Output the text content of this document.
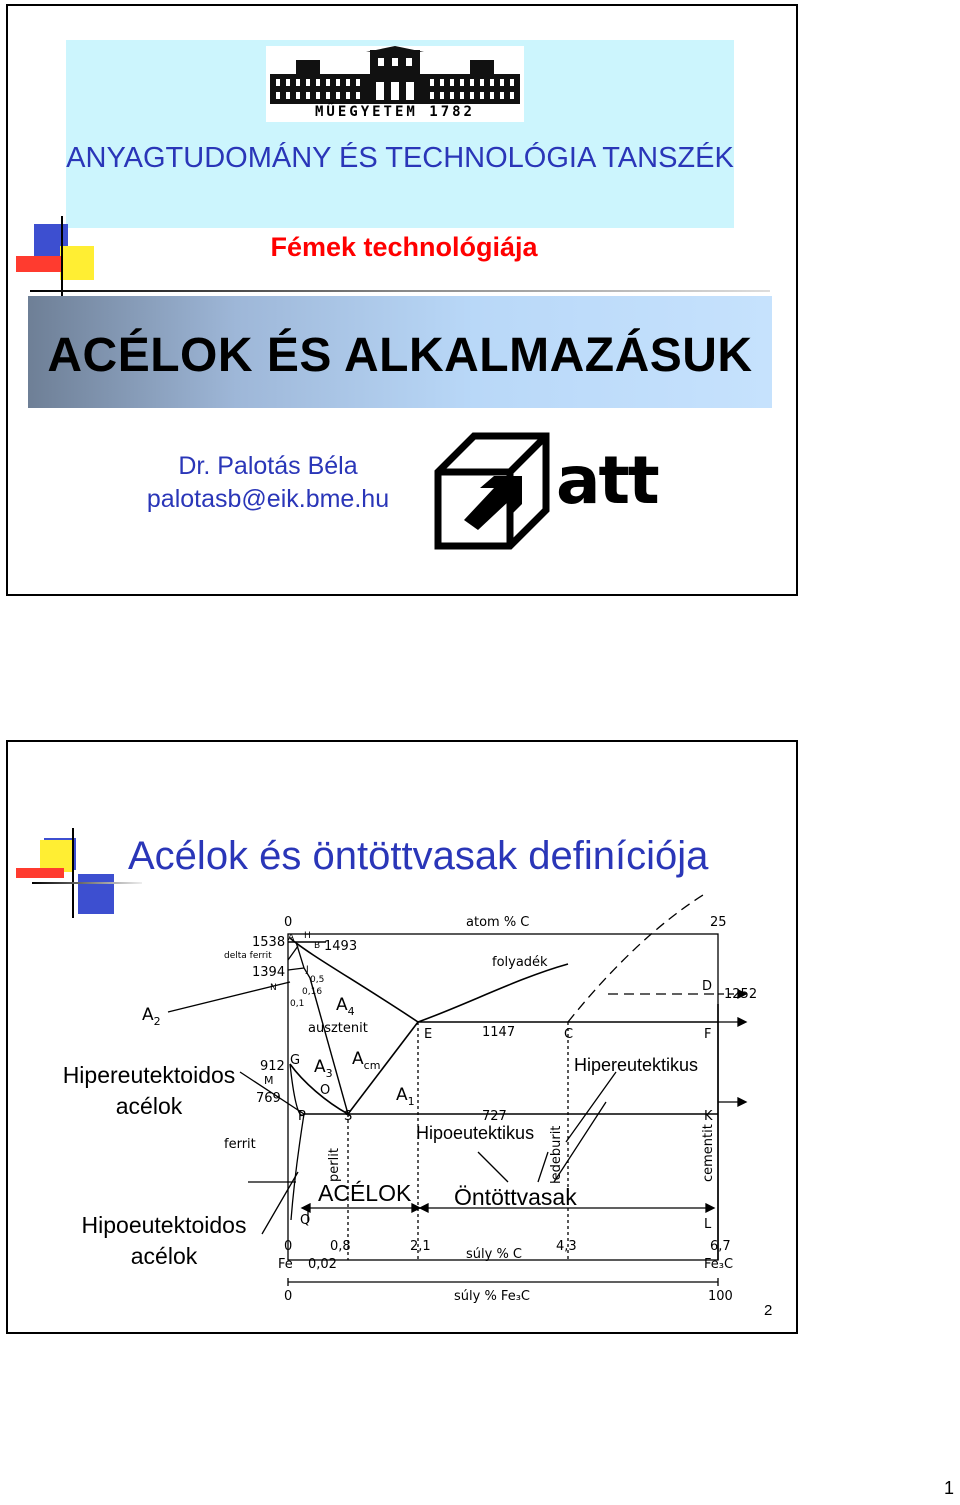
MŰEGYETEM 1782
ANYAGTUDOMÁNY ÉS TECHNOLÓGIA TANSZÉK
Fémek technológiája
ACÉLOK ÉS ALKALMAZÁSUK
Dr. Palotás Béla
palotasb@eik.bme.hu	att
Acélok és öntöttvasak definíciója
0	atom % C	25
1538
1394
912
769
1493
1147
727
1252
A H
B
J
N
G
M
O
P	S
E	C
D
F
K
L
Q
0,5
0,16
0,1
delta ferrit
ausztenit
folyadék
ferrit
perlit	ledeburit	cementit
0	0,8	2,1	4,3	6,7
súly % C
Fe 0,02	Fe₃C
0	súly % Fe₃C	100
$A_4$
$A_3$
$A_{cm}$
$A_1$
$A_2$
Hipereutektoidos acélok
Hipoeutektoidos acélok
Hipereutektikus
Hipoeutektikus
ACÉLOK Öntöttvasak
2
1
